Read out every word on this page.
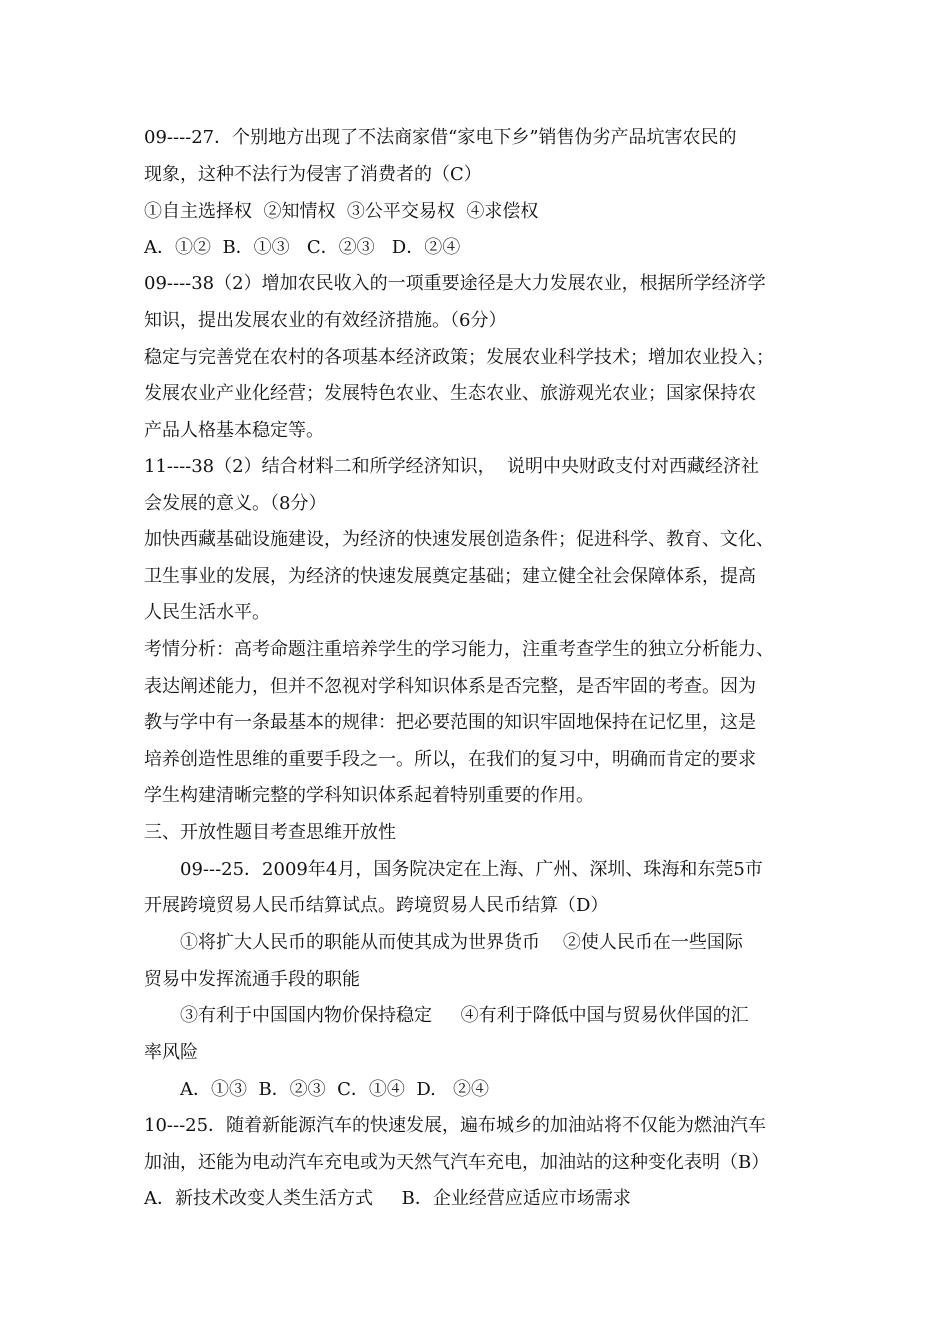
09----27．个别地方出现了不法商家借“家电下乡”销售伪劣产品坑害农民的
现象，这种不法行为侵害了消费者的（C）
①自主选择权  ②知情权  ③公平交易权  ④求偿权
A．①②  B．①③   C．②③   D．②④
09----38（2）增加农民收入的一项重要途径是大力发展农业，根据所学经济学
知识，提出发展农业的有效经济措施。（6分）
稳定与完善党在农村的各项基本经济政策；发展农业科学技术；增加农业投入；
发展农业产业化经营；发展特色农业、生态农业、旅游观光农业；国家保持农
产品人格基本稳定等。
11----38（2）结合材料二和所学经济知识，  说明中央财政支付对西藏经济社
会发展的意义。（8分）
加快西藏基础设施建设，为经济的快速发展创造条件；促进科学、教育、文化、
卫生事业的发展，为经济的快速发展奠定基础；建立健全社会保障体系，提高
人民生活水平。
考情分析：高考命题注重培养学生的学习能力，注重考查学生的独立分析能力、
表达阐述能力，但并不忽视对学科知识体系是否完整，是否牢固的考查。因为
教与学中有一条最基本的规律：把必要范围的知识牢固地保持在记忆里，这是
培养创造性思维的重要手段之一。所以，在我们的复习中，明确而肯定的要求
学生构建清晰完整的学科知识体系起着特别重要的作用。
三、开放性题目考查思维开放性
09---25．2009年4月，国务院决定在上海、广州、深圳、珠海和东莞5市
开展跨境贸易人民币结算试点。跨境贸易人民币结算（D）
①将扩大人民币的职能从而使其成为世界货币    ②使人民币在一些国际
贸易中发挥流通手段的职能
③有利于中国国内物价保持稳定     ④有利于降低中国与贸易伙伴国的汇
率风险
A．①③  B．②③  C．①④  D.   ②④
10---25．随着新能源汽车的快速发展，遍布城乡的加油站将不仅能为燃油汽车
加油，还能为电动汽车充电或为天然气汽车充电，加油站的这种变化表明（B）
A．新技术改变人类生活方式     B．企业经营应适应市场需求
